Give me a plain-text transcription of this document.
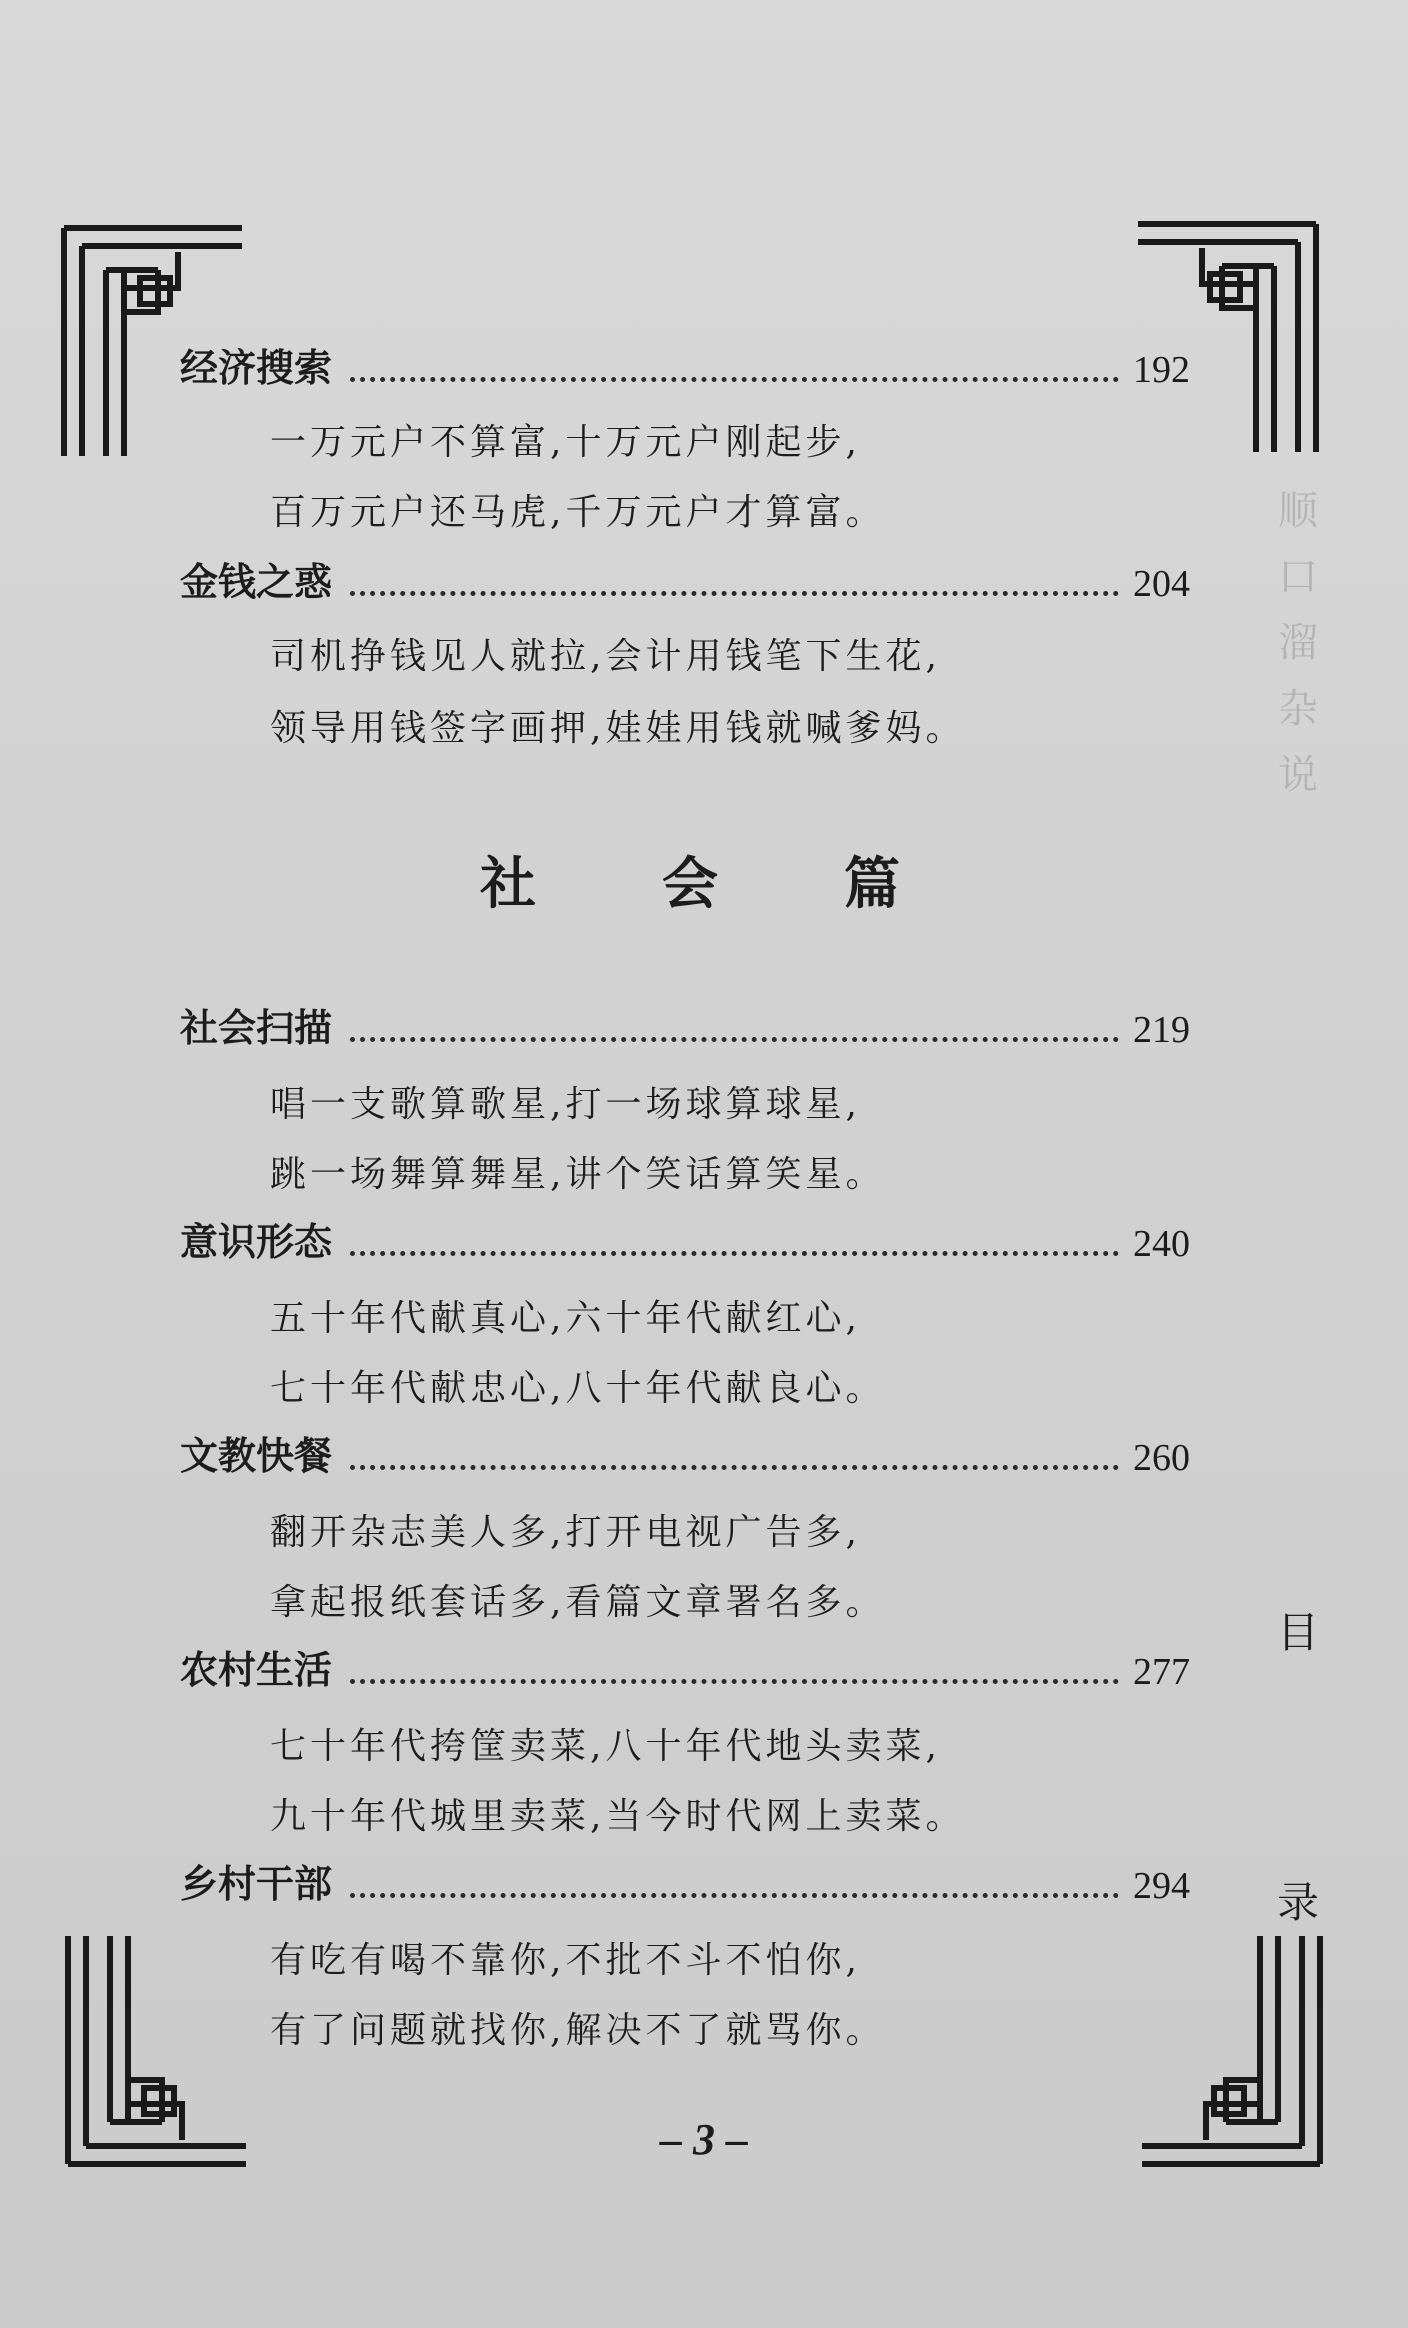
顺
口
溜
杂
说
目
录
经济搜索	192
一万元户不算富,十万元户刚起步,
百万元户还马虎,千万元户才算富。
金钱之惑	204
司机挣钱见人就拉,会计用钱笔下生花,
领导用钱签字画押,娃娃用钱就喊爹妈。
社 会 篇
社会扫描	219
唱一支歌算歌星,打一场球算球星,
跳一场舞算舞星,讲个笑话算笑星。
意识形态	240
五十年代献真心,六十年代献红心,
七十年代献忠心,八十年代献良心。
文教快餐	260
翻开杂志美人多,打开电视广告多,
拿起报纸套话多,看篇文章署名多。
农村生活	277
七十年代挎筐卖菜,八十年代地头卖菜,
九十年代城里卖菜,当今时代网上卖菜。
乡村干部	294
有吃有喝不靠你,不批不斗不怕你,
有了问题就找你,解决不了就骂你。
– 3 –
